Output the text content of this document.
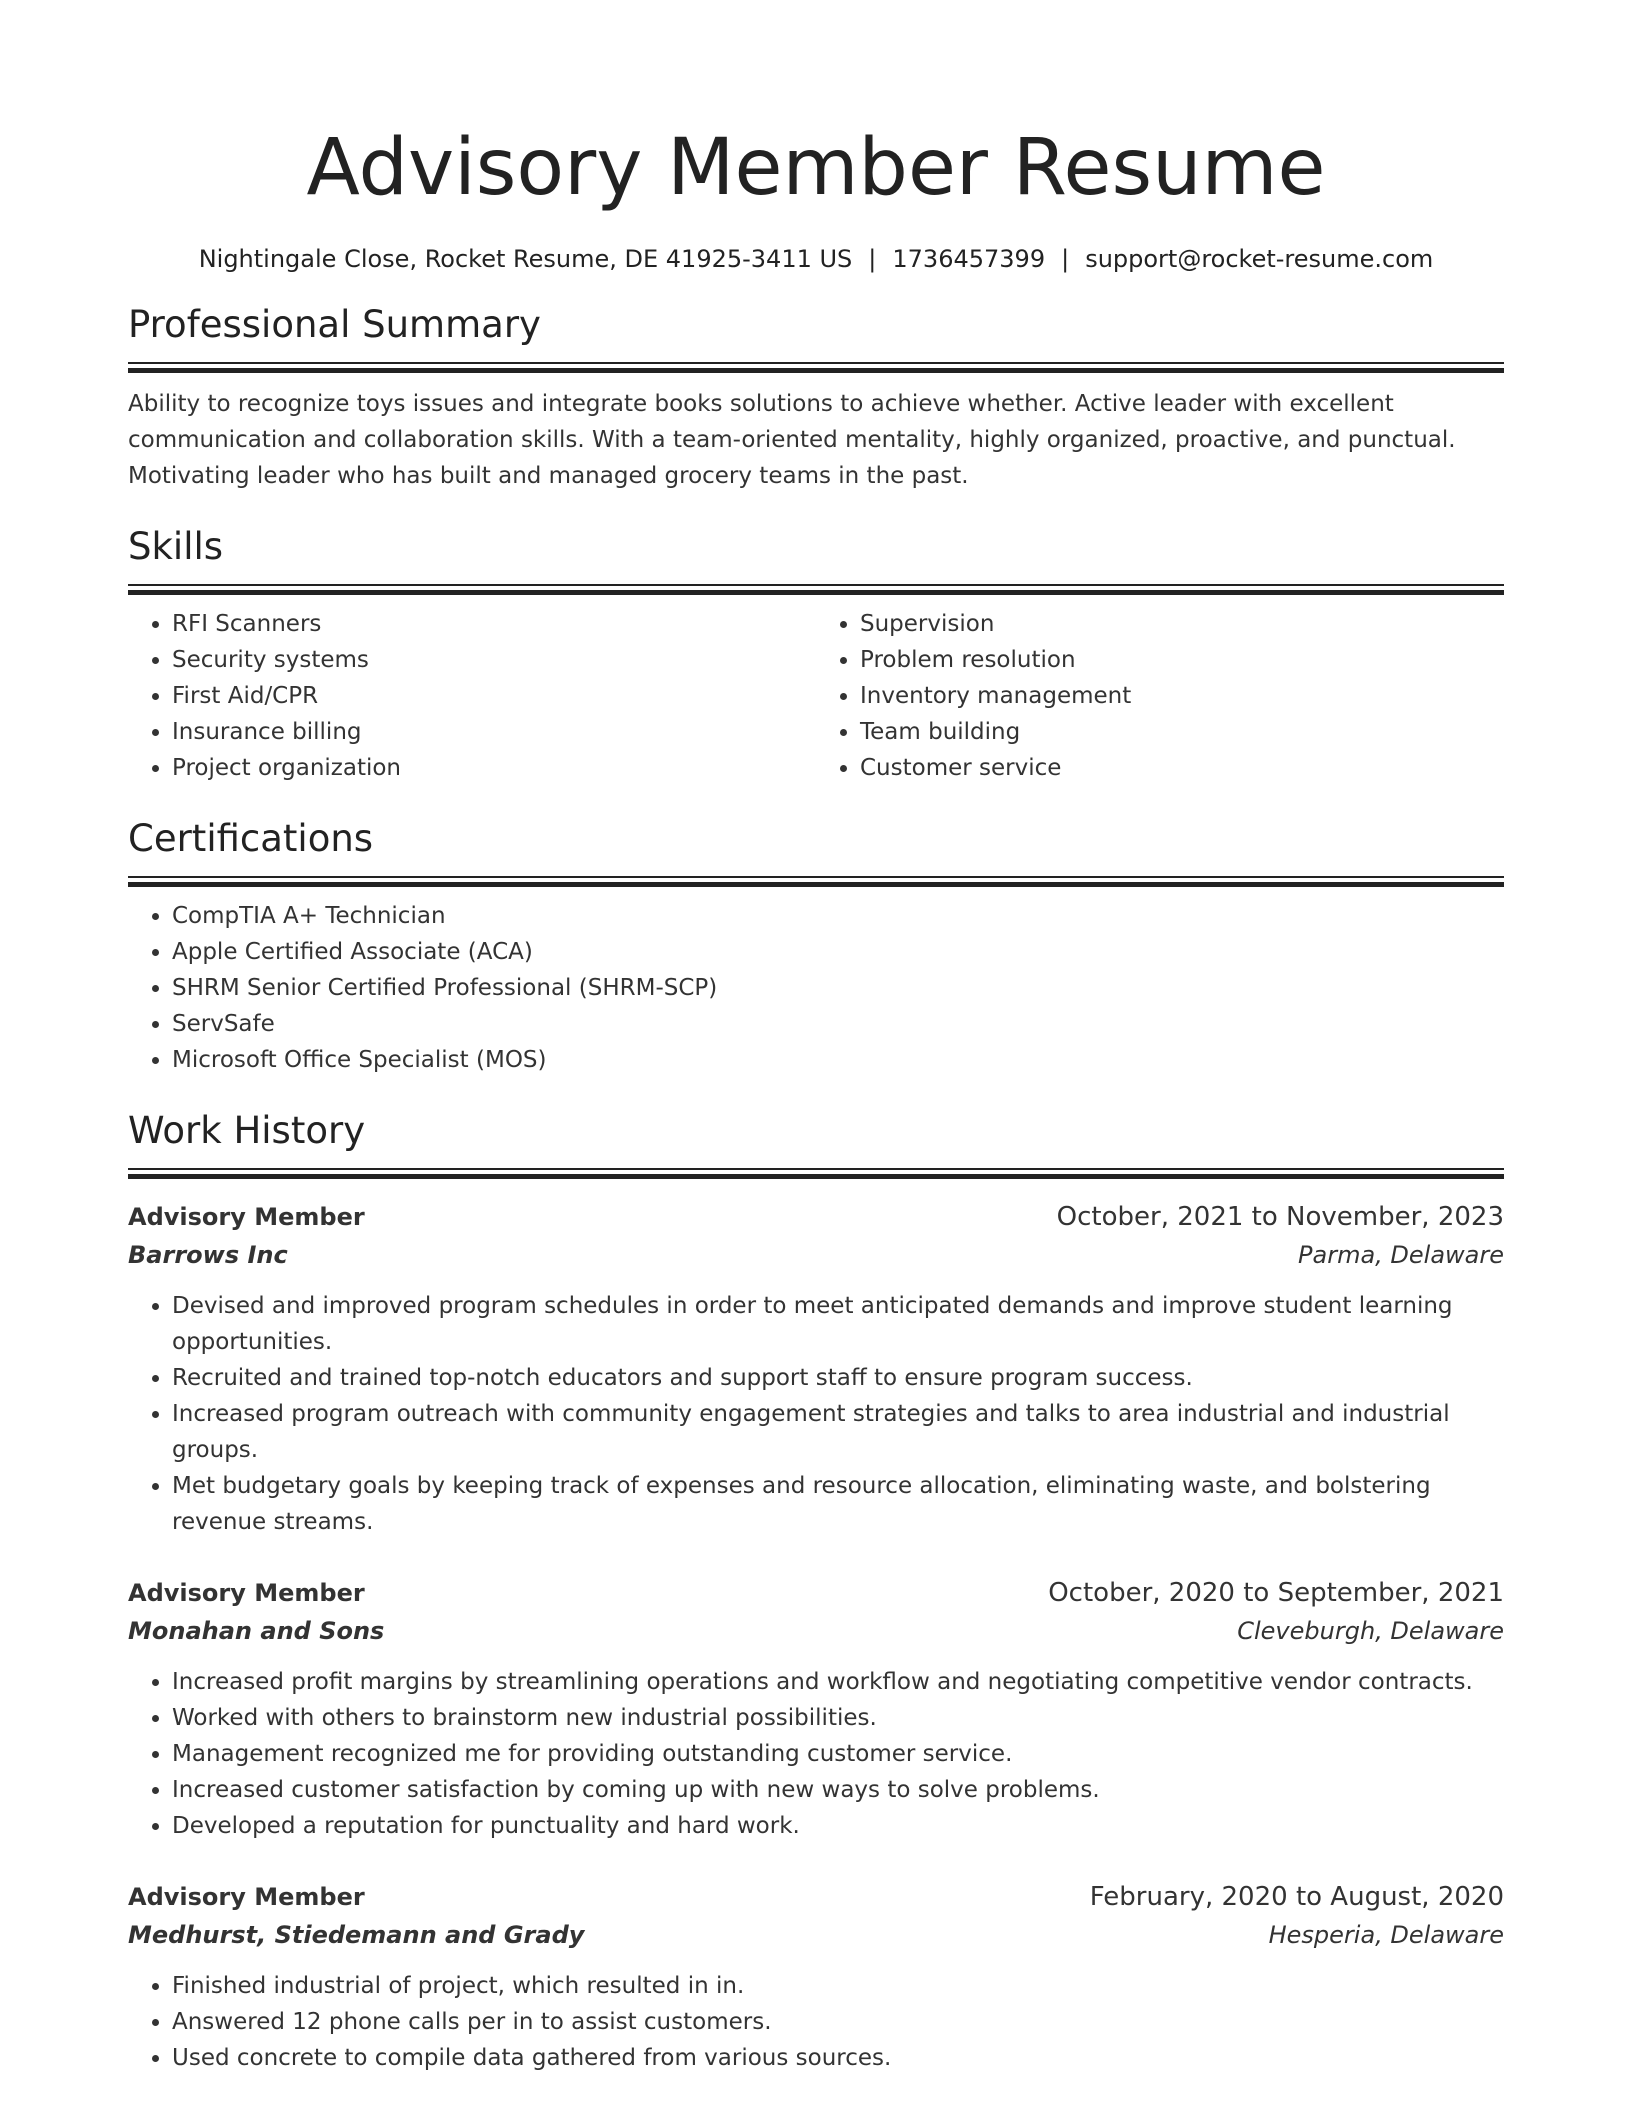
Advisory Member Resume
Nightingale Close, Rocket Resume, DE 41925-3411 US | 1736457399 | support@rocket-resume.com
Professional Summary
Ability to recognize toys issues and integrate books solutions to achieve whether. Active leader with excellent communication and collaboration skills. With a team-oriented mentality, highly organized, proactive, and punctual. Motivating leader who has built and managed grocery teams in the past.
Skills
• RFI Scanners
• Security systems
• First Aid/CPR
• Insurance billing
• Project organization
• Supervision
• Problem resolution
• Inventory management
• Team building
• Customer service
Certifications
• CompTIA A+ Technician
• Apple Certified Associate (ACA)
• SHRM Senior Certified Professional (SHRM-SCP)
• ServSafe
• Microsoft Office Specialist (MOS)
Work History
Advisory Member	October, 2021 to November, 2023
Barrows Inc	Parma, Delaware
• Devised and improved program schedules in order to meet anticipated demands and improve student learning opportunities.
• Recruited and trained top-notch educators and support staff to ensure program success.
• Increased program outreach with community engagement strategies and talks to area industrial and industrial groups.
• Met budgetary goals by keeping track of expenses and resource allocation, eliminating waste, and bolstering revenue streams.
Advisory Member	October, 2020 to September, 2021
Monahan and Sons	Cleveburgh, Delaware
• Increased profit margins by streamlining operations and workflow and negotiating competitive vendor contracts.
• Worked with others to brainstorm new industrial possibilities.
• Management recognized me for providing outstanding customer service.
• Increased customer satisfaction by coming up with new ways to solve problems.
• Developed a reputation for punctuality and hard work.
Advisory Member	February, 2020 to August, 2020
Medhurst, Stiedemann and Grady	Hesperia, Delaware
• Finished industrial of project, which resulted in in.
• Answered 12 phone calls per in to assist customers.
• Used concrete to compile data gathered from various sources.
